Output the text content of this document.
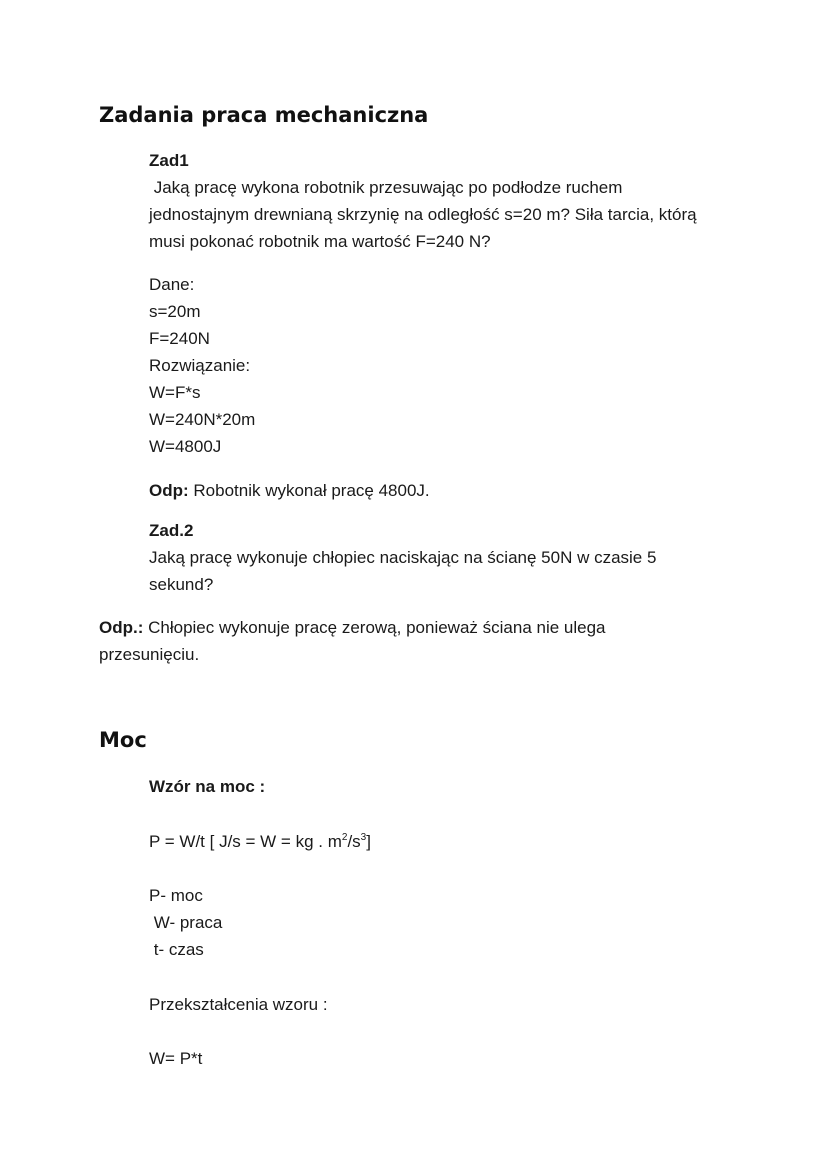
Zadania praca mechaniczna
Zad1
Jaką pracę wykona robotnik przesuwając po podłodze ruchem
jednostajnym drewnianą skrzynię na odległość s=20 m? Siła tarcia, którą
musi pokonać robotnik ma wartość F=240 N?
Dane:
s=20m
F=240N
Rozwiązanie:
W=F*s
W=240N*20m
W=4800J
Odp: Robotnik wykonał pracę 4800J.
Zad.2
Jaką pracę wykonuje chłopiec naciskając na ścianę 50N w czasie 5
sekund?
Odp.: Chłopiec wykonuje pracę zerową, ponieważ ściana nie ulega
przesunięciu.
Moc
Wzór na moc :
P = W/t [ J/s = W = kg . $m^2/s^3$]
P- moc
W- praca
t- czas
Przekształcenia wzoru :
W= P*t
